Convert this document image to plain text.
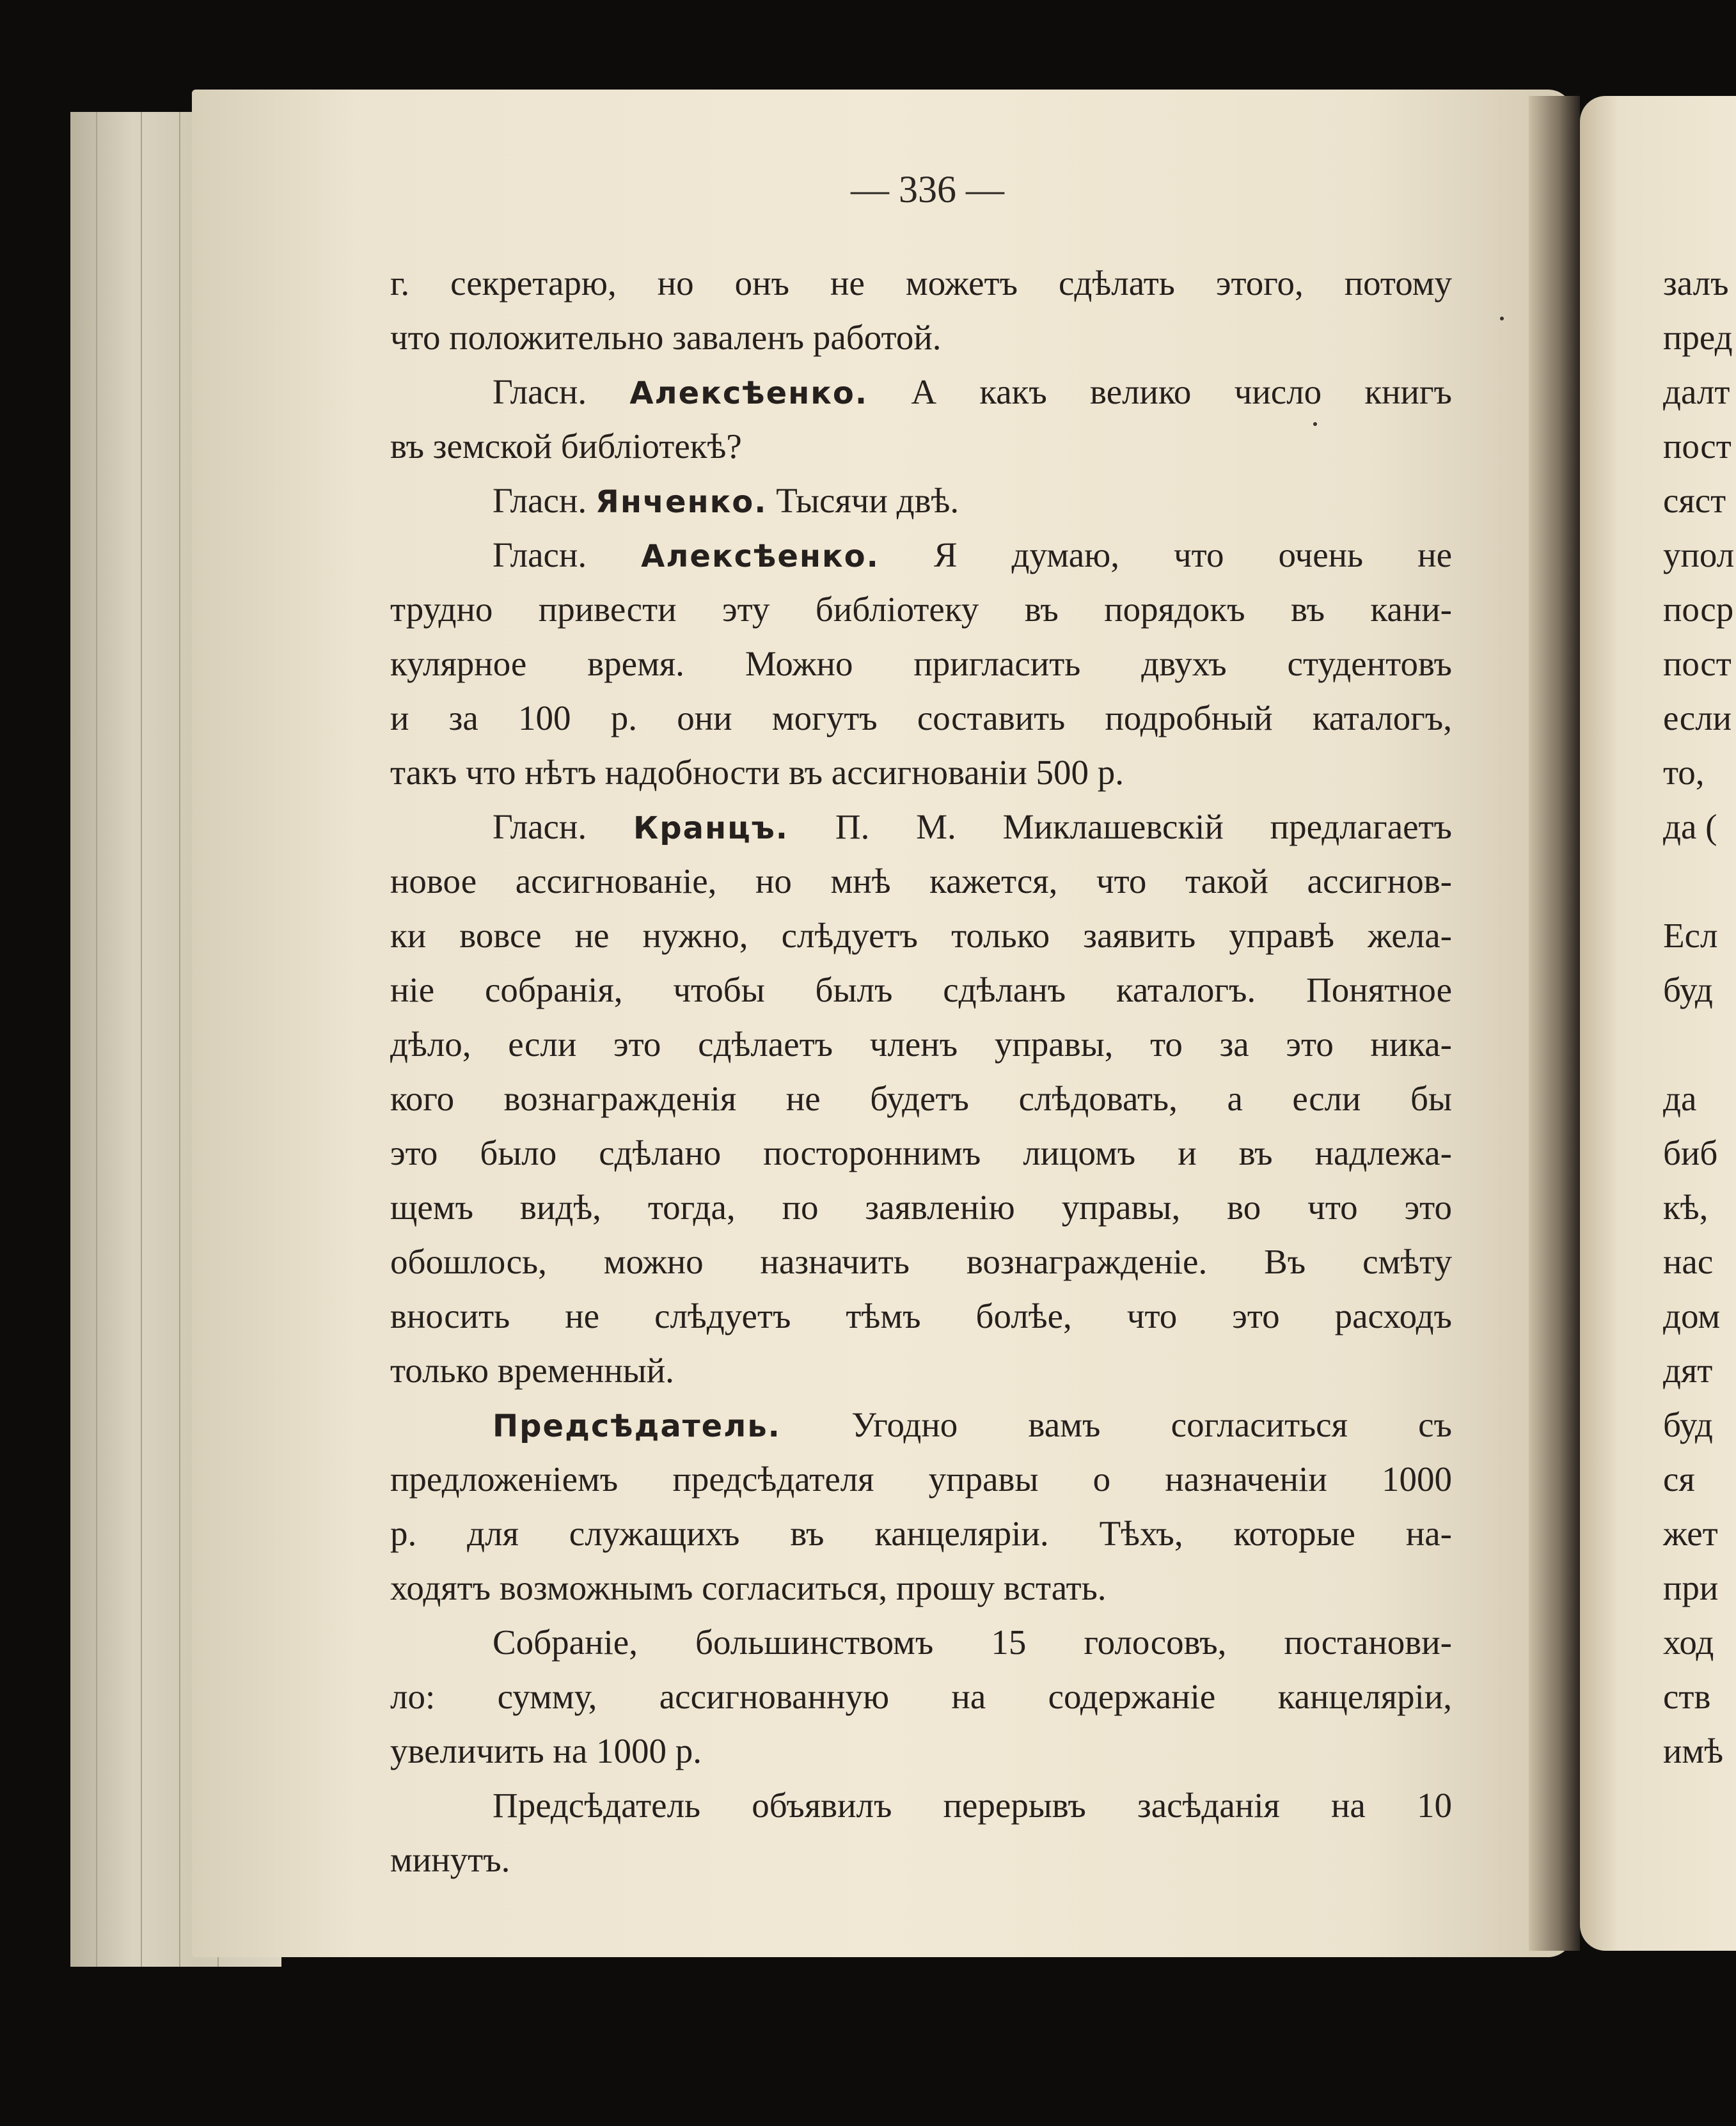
— 336 —
г. секретарю, но онъ не можетъ сдѣлать этого, потому
что положительно заваленъ работой.
Гласн. Алексѣенко. А какъ велико число книгъ
въ земской библіотекѣ?
Гласн. Янченко. Тысячи двѣ.
Гласн. Алексѣенко. Я думаю, что очень не
трудно привести эту библіотеку въ порядокъ въ кани-
кулярное время. Можно пригласить двухъ студентовъ
и за 100 р. они могутъ составить подробный каталогъ,
такъ что нѣтъ надобности въ ассигнованіи 500 р.
Гласн. Кранцъ. П. М. Миклашевскій предлагаетъ
новое ассигнованіе, но мнѣ кажется, что такой ассигнов-
ки вовсе не нужно, слѣдуетъ только заявить управѣ жела-
ніе собранія, чтобы былъ сдѣланъ каталогъ. Понятное
дѣло, если это сдѣлаетъ членъ управы, то за это ника-
кого вознагражденія не будетъ слѣдовать, а если бы
это было сдѣлано постороннимъ лицомъ и въ надлежа-
щемъ видѣ, тогда, по заявленію управы, во что это
обошлось, можно назначить вознагражденіе. Въ смѣту
вносить не слѣдуетъ тѣмъ болѣе, что это расходъ
только временный.
Предсѣдатель. Угодно вамъ согласиться съ
предложеніемъ предсѣдателя управы о назначеніи 1000
р. для служащихъ въ канцеляріи. Тѣхъ, которые на-
ходятъ возможнымъ согласиться, прошу встать.
Собраніе, большинствомъ 15 голосовъ, постанови-
ло: сумму, ассигнованную на содержаніе канцеляріи,
увеличить на 1000 р.
Предсѣдатель объявилъ перерывъ засѣданія на 10
минутъ.
залъ
пред
далт
пост
сяст
упол
поср
пост
если
то,
да (
Есл
буд
да
биб
кѣ,
нас
дом
дят
буд
ся
жет
при
ход
ств
имѣ
